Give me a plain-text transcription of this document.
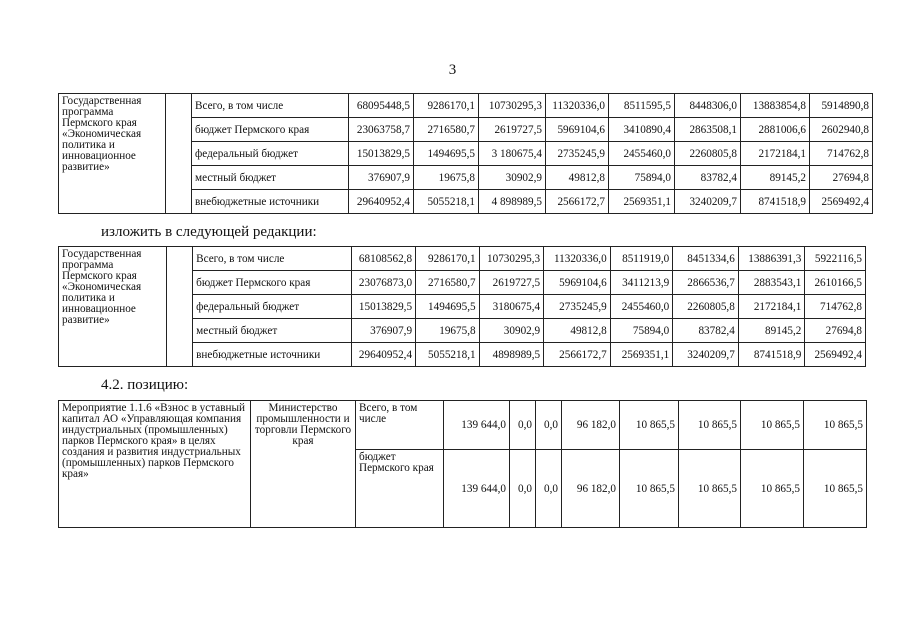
3
Государственная программа Пермского края «Экономическая политика и инновационное развитие»		Всего, в том числе	68095448,5	9286170,1	10730295,3	11320336,0	8511595,5	8448306,0	13883854,8	5914890,8
		бюджет Пермского края	23063758,7	2716580,7	2619727,5	5969104,6	3410890,4	2863508,1	2881006,6	2602940,8
		федеральный бюджет	15013829,5	1494695,5	3 180675,4	2735245,9	2455460,0	2260805,8	2172184,1	714762,8
		местный бюджет	376907,9	19675,8	30902,9	49812,8	75894,0	83782,4	89145,2	27694,8
		внебюджетные источники	29640952,4	5055218,1	4 898989,5	2566172,7	2569351,1	3240209,7	8741518,9	2569492,4
изложить в следующей редакции:
Государственная программа Пермского края «Экономическая политика и инновационное развитие»		Всего, в том числе	68108562,8	9286170,1	10730295,3	11320336,0	8511919,0	8451334,6	13886391,3	5922116,5
		бюджет Пермского края	23076873,0	2716580,7	2619727,5	5969104,6	3411213,9	2866536,7	2883543,1	2610166,5
		федеральный бюджет	15013829,5	1494695,5	3180675,4	2735245,9	2455460,0	2260805,8	2172184,1	714762,8
		местный бюджет	376907,9	19675,8	30902,9	49812,8	75894,0	83782,4	89145,2	27694,8
		внебюджетные источники	29640952,4	5055218,1	4898989,5	2566172,7	2569351,1	3240209,7	8741518,9	2569492,4
4.2. позицию:
Мероприятие 1.1.6 «Взнос в уставный капитал АО «Управляющая компания индустриальных (промышленных) парков Пермского края» в целях создания и развития индустриальных (промышленных) парков Пермского края»	Министерство промышленности и торговли Пермского края	Всего, в том числе	139 644,0	0,0	0,0	96 182,0	10 865,5	10 865,5	10 865,5	10 865,5
		бюджет Пермского края	139 644,0	0,0	0,0	96 182,0	10 865,5	10 865,5	10 865,5	10 865,5
